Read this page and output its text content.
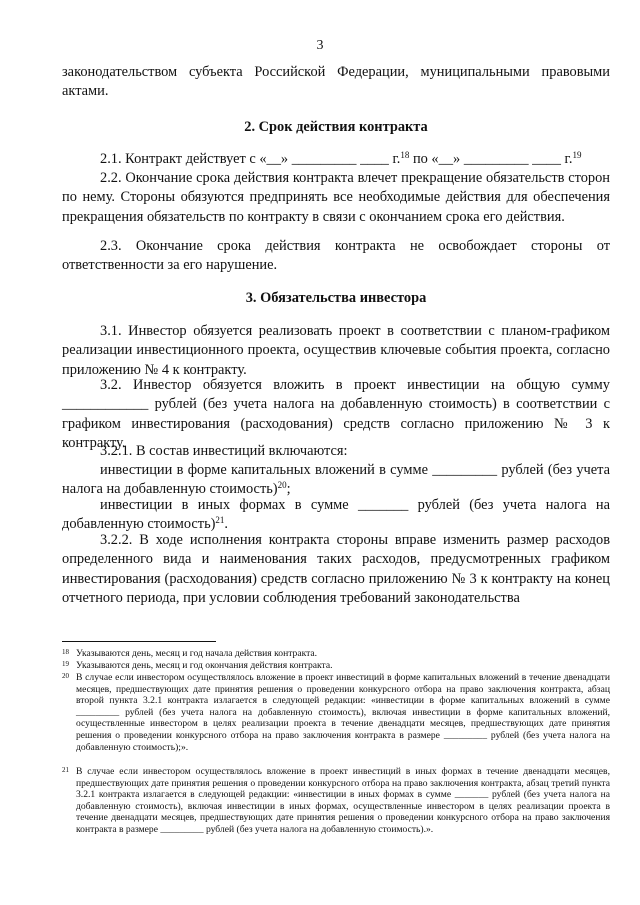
3
законодательством субъекта Российской Федерации, муниципальными правовыми
актами.
2. Срок действия контракта
2.1. Контракт действует с «__» _________ ____ г.$^{18}$ по «__» _________ ____ г.$^{19}$
2.2. Окончание срока действия контракта влечет прекращение обязательств сторон по нему. Стороны обязуются предпринять все необходимые действия для обеспечения прекращения обязательств по контракту в связи с окончанием срока его действия.
2.3. Окончание срока действия контракта не освобождает стороны от ответственности за его нарушение.
3. Обязательства инвестора
3.1. Инвестор обязуется реализовать проект в соответствии с планом-графиком реализации инвестиционного проекта, осуществив ключевые события проекта, согласно приложению № 4 к контракту.
3.2. Инвестор обязуется вложить в проект инвестиции на общую сумму ____________ рублей (без учета налога на добавленную стоимость) в соответствии с графиком инвестирования (расходования) средств согласно приложению № 3 к контракту.
3.2.1. В состав инвестиций включаются:
инвестиции в форме капитальных вложений в сумме _________ рублей (без учета налога на добавленную стоимость)$^{20}$;
инвестиции в иных формах в сумме _______ рублей (без учета налога на добавленную стоимость)$^{21}$.
3.2.2. В ходе исполнения контракта стороны вправе изменить размер расходов определенного вида и наименования таких расходов, предусмотренных графиком инвестирования (расходования) средств согласно приложению № 3 к контракту на конец отчетного периода, при условии соблюдения требований законодательства
18 Указываются день, месяц и год начала действия контракта.
19 Указываются день, месяц и год окончания действия контракта.
20 В случае если инвестором осуществлялось вложение в проект инвестиций в форме капитальных вложений в течение двенадцати месяцев, предшествующих дате принятия решения о проведении конкурсного отбора на право заключения контракта, абзац второй пункта 3.2.1 контракта излагается в следующей редакции: «инвестиции в форме капитальных вложений в сумме _________ рублей (без учета налога на добавленную стоимость), включая инвестиции в форме капитальных вложений, осуществленные инвестором в целях реализации проекта в течение двенадцати месяцев, предшествующих дате принятия решения о проведении конкурсного отбора на право заключения контракта в размере _________ рублей (без учета налога на добавленную стоимость);».
21 В случае если инвестором осуществлялось вложение в проект инвестиций в иных формах в течение двенадцати месяцев, предшествующих дате принятия решения о проведении конкурсного отбора на право заключения контракта, абзац третий пункта 3.2.1 контракта излагается в следующей редакции: «инвестиции в иных формах в сумме _______ рублей (без учета налога на добавленную стоимость), включая инвестиции в иных формах, осуществленные инвестором в целях реализации проекта в течение двенадцати месяцев, предшествующих дате принятия решения о проведении конкурсного отбора на право заключения контракта в размере _________ рублей (без учета налога на добавленную стоимость).».
